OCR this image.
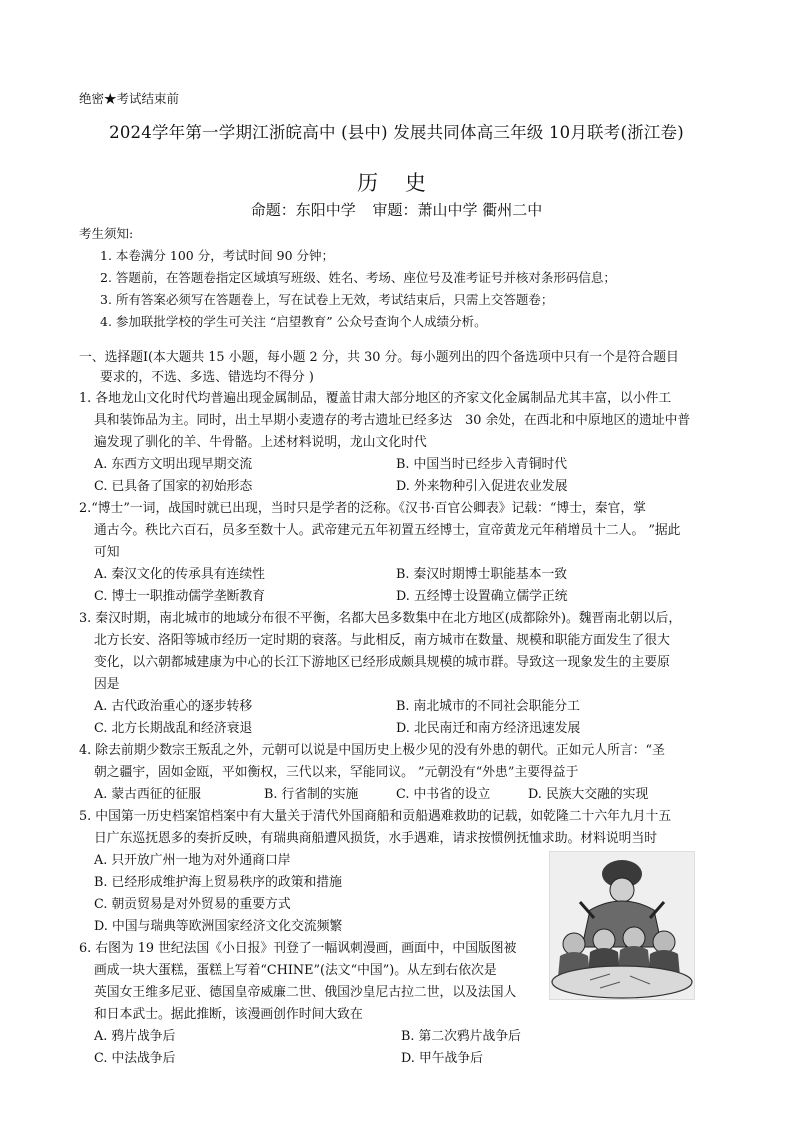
绝密★考试结束前
2024学年第一学期江浙皖高中 (县中) 发展共同体高三年级 10月联考(浙江卷)
历 史
命题：东阳中学 审题：萧山中学 衢州二中
考生须知:
1. 本卷满分 100 分，考试时间 90 分钟；
2. 答题前，在答题卷指定区域填写班级、姓名、考场、座位号及准考证号并核对条形码信息；
3. 所有答案必须写在答题卷上，写在试卷上无效，考试结束后，只需上交答题卷；
4. 参加联批学校的学生可关注 “启望教育” 公众号查询个人成绩分析。
一、选择题Ⅰ(本大题共 15 小题，每小题 2 分，共 30 分。每小题列出的四个备选项中只有一个是符合题目
要求的，不选、多选、错选均不得分 )
1. 各地龙山文化时代均普遍出现金属制品，覆盖甘肃大部分地区的齐家文化金属制品尤其丰富，以小件工
具和装饰品为主。同时，出土早期小麦遗存的考古遗址已经多达　30 余处，在西北和中原地区的遗址中普
遍发现了驯化的羊、牛骨骼。上述材料说明，龙山文化时代
A. 东西方文明出现早期交流	B. 中国当时已经步入青铜时代
C. 已具备了国家的初始形态	D. 外来物种引入促进农业发展
2.“博士”一词，战国时就已出现，当时只是学者的泛称。《汉书·百官公卿表》记载：“博士，秦官，掌
通古今。秩比六百石，员多至数十人。武帝建元五年初置五经博士，宣帝黄龙元年稍增员十二人。 ”据此
可知
A. 秦汉文化的传承具有连续性	B. 秦汉时期博士职能基本一致
C. 博士一职推动儒学垄断教育	D. 五经博士设置确立儒学正统
3. 秦汉时期，南北城市的地域分布很不平衡，名都大邑多数集中在北方地区(成都除外)。魏晋南北朝以后，
北方长安、洛阳等城市经历一定时期的衰落。与此相反，南方城市在数量、规模和职能方面发生了很大
变化，以六朝都城建康为中心的长江下游地区已经形成颇具规模的城市群。导致这一现象发生的主要原
因是
A. 古代政治重心的逐步转移	B. 南北城市的不同社会职能分工
C. 北方长期战乱和经济衰退	D. 北民南迁和南方经济迅速发展
4. 除去前期少数宗王叛乱之外，元朝可以说是中国历史上极少见的没有外患的朝代。正如元人所言：“圣
朝之疆宇，固如金瓯，平如衡权，三代以来，罕能同议。 ”元朝没有“外患”主要得益于
A. 蒙古西征的征服	B. 行省制的实施	C. 中书省的设立	D. 民族大交融的实现
5. 中国第一历史档案馆档案中有大量关于清代外国商船和贡船遇难救助的记载，如乾隆二十六年九月十五
日广东巡抚恩多的奏折反映，有瑞典商船遭风损货，水手遇难，请求按惯例抚恤求助。材料说明当时
A. 只开放广州一地为对外通商口岸
B. 已经形成维护海上贸易秩序的政策和措施
C. 朝贡贸易是对外贸易的重要方式
D. 中国与瑞典等欧洲国家经济文化交流频繁
6. 右图为 19 世纪法国《小日报》刊登了一幅讽刺漫画，画面中，中国版图被
画成一块大蛋糕，蛋糕上写着“CHINE”(法文“中国”)。从左到右依次是
英国女王维多尼亚、德国皇帝威廉二世、俄国沙皇尼古拉二世，以及法国人
和日本武士。据此推断，该漫画创作时间大致在
A. 鸦片战争后	B. 第二次鸦片战争后
C. 中法战争后	D. 甲午战争后
